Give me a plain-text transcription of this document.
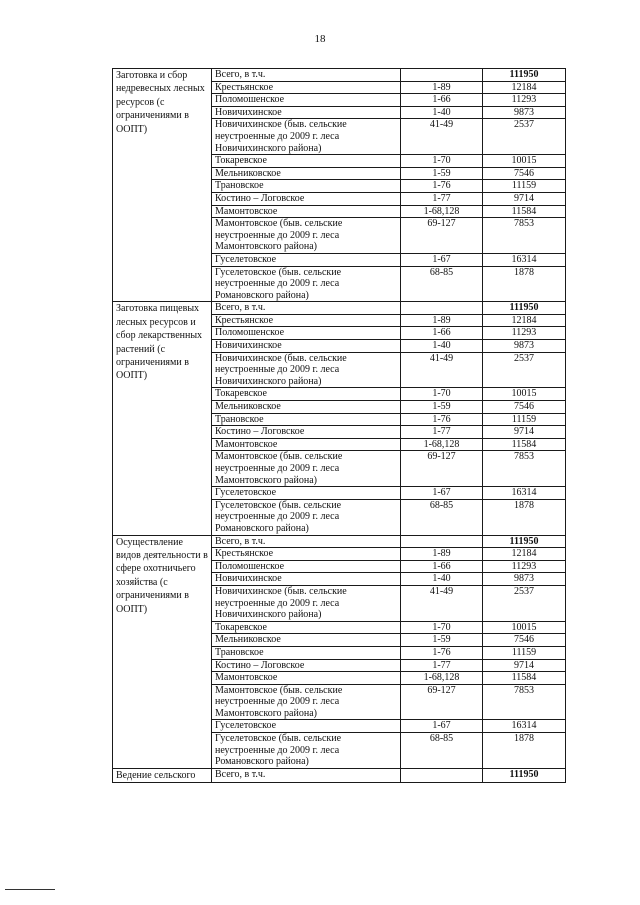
18
Заготовка и сбор недревесных лесных ресурсов (с ограничениями в ООПТ)	Всего, в т.ч.		111950
	Крестьянское	1-89	12184
	Поломошенское	1-66	11293
	Новичихинское	1-40	9873
	Новичихинское (быв. сельские неустроенные до 2009 г. леса Новичихинского района)	41-49	2537
	Токаревское	1-70	10015
	Мельниковское	1-59	7546
	Трановское	1-76	11159
	Костино – Логовское	1-77	9714
	Мамонтовское	1-68,128	11584
	Мамонтовское (быв. сельские неустроенные до 2009 г. леса Мамонтовского района)	69-127	7853
	Гуселетовское	1-67	16314
	Гуселетовское (быв. сельские неустроенные до 2009 г. леса Романовского района)	68-85	1878
Заготовка пищевых лесных ресурсов и сбор лекарственных растений (с ограничениями в ООПТ)	Всего, в т.ч.		111950
	Крестьянское	1-89	12184
	Поломошенское	1-66	11293
	Новичихинское	1-40	9873
	Новичихинское (быв. сельские неустроенные до 2009 г. леса Новичихинского района)	41-49	2537
	Токаревское	1-70	10015
	Мельниковское	1-59	7546
	Трановское	1-76	11159
	Костино – Логовское	1-77	9714
	Мамонтовское	1-68,128	11584
	Мамонтовское (быв. сельские неустроенные до 2009 г. леса Мамонтовского района)	69-127	7853
	Гуселетовское	1-67	16314
	Гуселетовское (быв. сельские неустроенные до 2009 г. леса Романовского района)	68-85	1878
Осуществление видов деятельности в сфере охотничьего хозяйства (с ограничениями в ООПТ)	Всего, в т.ч.		111950
	Крестьянское	1-89	12184
	Поломошенское	1-66	11293
	Новичихинское	1-40	9873
	Новичихинское (быв. сельские неустроенные до 2009 г. леса Новичихинского района)	41-49	2537
	Токаревское	1-70	10015
	Мельниковское	1-59	7546
	Трановское	1-76	11159
	Костино – Логовское	1-77	9714
	Мамонтовское	1-68,128	11584
	Мамонтовское (быв. сельские неустроенные до 2009 г. леса Мамонтовского района)	69-127	7853
	Гуселетовское	1-67	16314
	Гуселетовское (быв. сельские неустроенные до 2009 г. леса Романовского района)	68-85	1878
Ведение сельского	Всего, в т.ч.		111950
